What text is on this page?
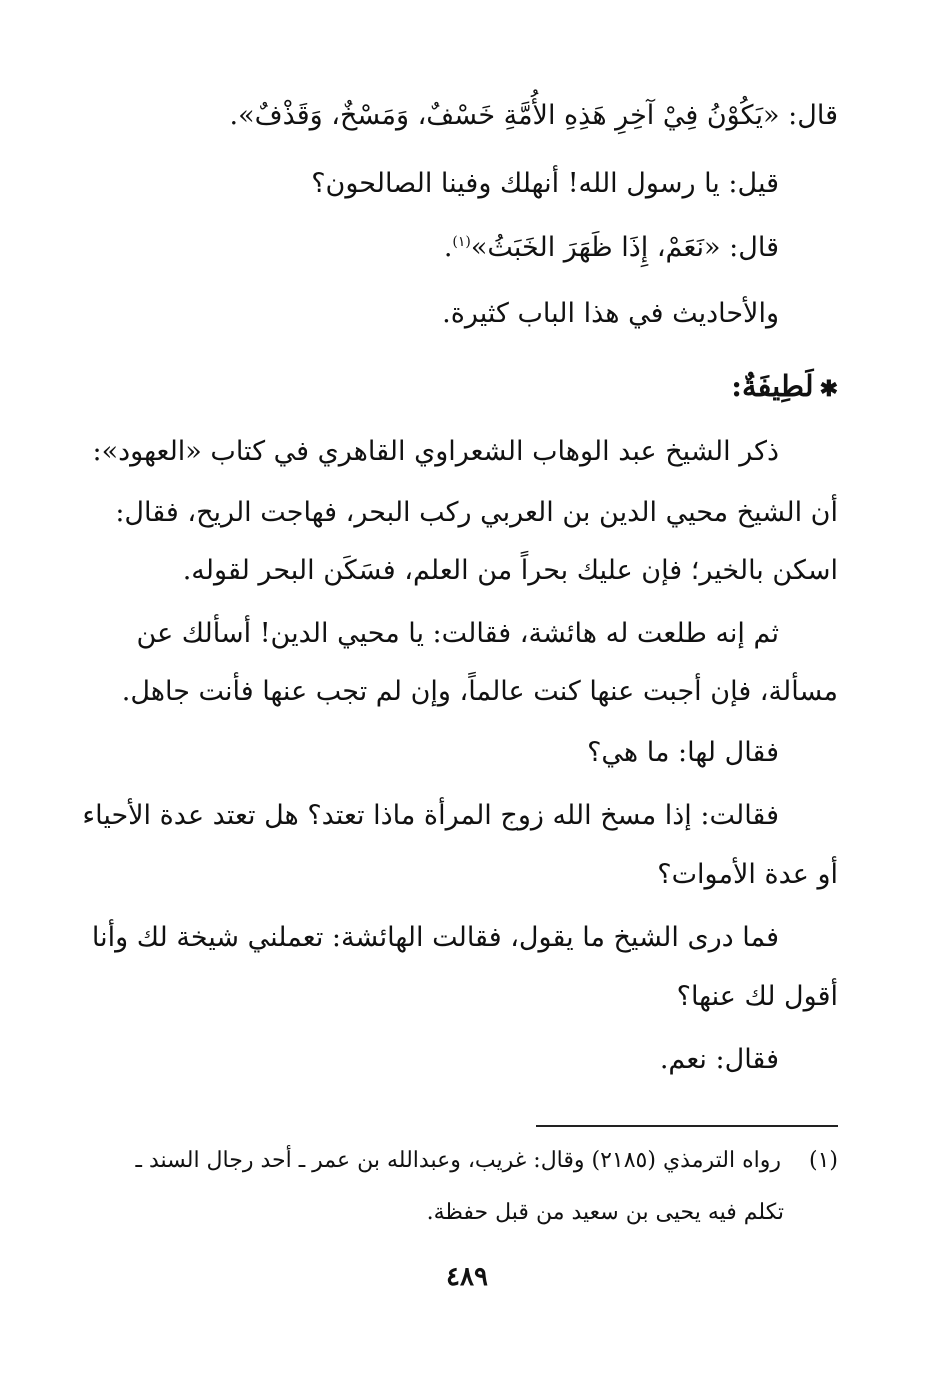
قال: «يَكُوْنُ فِيْ آخِرِ هَذِهِ الأُمَّةِ خَسْفٌ، وَمَسْخٌ، وَقَذْفٌ».
قيل: يا رسول الله! أنهلك وفينا الصالحون؟
قال: «نَعَمْ، إِذَا ظَهَرَ الخَبَثُ»$^{(١)}$.
والأحاديث في هذا الباب كثيرة.
✱لَطِيفَةٌ:
ذكر الشيخ عبد الوهاب الشعراوي القاهري في كتاب «العهود»:
أن الشيخ محيي الدين بن العربي ركب البحر، فهاجت الريح، فقال:
اسكن بالخير؛ فإن عليك بحراً من العلم، فسَكَن البحر لقوله.
ثم إنه طلعت له هائشة، فقالت: يا محيي الدين! أسألك عن
مسألة، فإن أجبت عنها كنت عالماً، وإن لم تجب عنها فأنت جاهل.
فقال لها: ما هي؟
فقالت: إذا مسخ الله زوج المرأة ماذا تعتد؟ هل تعتد عدة الأحياء
أو عدة الأموات؟
فما درى الشيخ ما يقول، فقالت الهائشة: تعملني شيخة لك وأنا
أقول لك عنها؟
فقال: نعم.
(١)  رواه الترمذي (٢١٨٥) وقال: غريب، وعبدالله بن عمر ـ أحد رجال السند ـ
تكلم فيه يحيى بن سعيد من قبل حفظة.
٤٨٩
